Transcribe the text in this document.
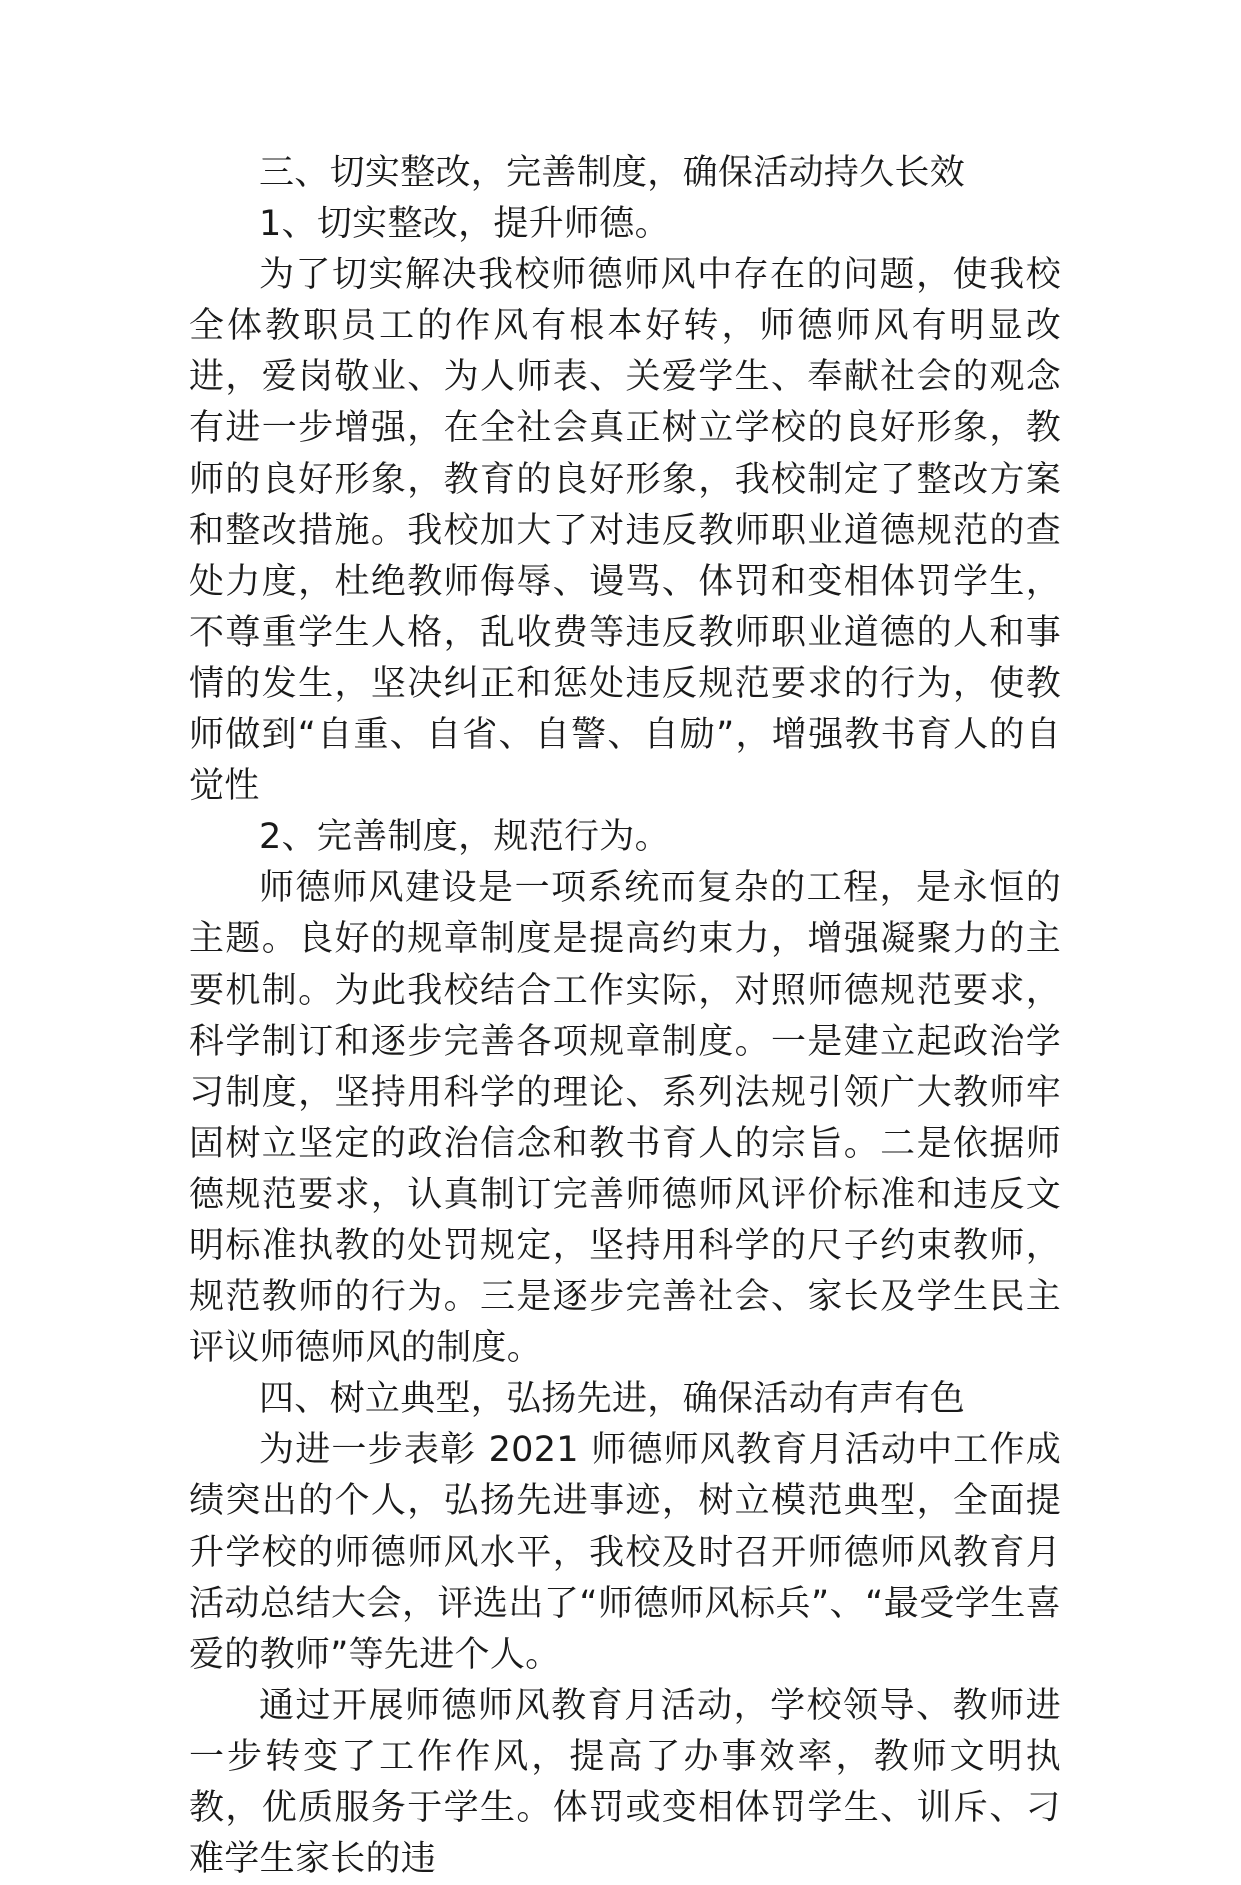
三、切实整改，完善制度，确保活动持久长效

1、切实整改，提升师德。

为了切实解决我校师德师风中存在的问题，使我校全体教职员工的作风有根本好转，师德师风有明显改进，爱岗敬业、为人师表、关爱学生、奉献社会的观念有进一步增强，在全社会真正树立学校的良好形象，教师的良好形象，教育的良好形象，我校制定了整改方案和整改措施。我校加大了对违反教师职业道德规范的查处力度，杜绝教师侮辱、谩骂、体罚和变相体罚学生，不尊重学生人格，乱收费等违反教师职业道德的人和事情的发生，坚决纠正和惩处违反规范要求的行为，使教师做到“自重、自省、自警、自励”，增强教书育人的自觉性

2、完善制度，规范行为。

师德师风建设是一项系统而复杂的工程，是永恒的主题。良好的规章制度是提高约束力，增强凝聚力的主要机制。为此我校结合工作实际，对照师德规范要求，科学制订和逐步完善各项规章制度。一是建立起政治学习制度，坚持用科学的理论、系列法规引领广大教师牢固树立坚定的政治信念和教书育人的宗旨。二是依据师德规范要求，认真制订完善师德师风评价标准和违反文明标准执教的处罚规定，坚持用科学的尺子约束教师，规范教师的行为。三是逐步完善社会、家长及学生民主评议师德师风的制度。

四、树立典型，弘扬先进，确保活动有声有色

为进一步表彰 2021 师德师风教育月活动中工作成绩突出的个人，弘扬先进事迹，树立模范典型，全面提升学校的师德师风水平，我校及时召开师德师风教育月活动总结大会，评选出了“师德师风标兵”、“最受学生喜爱的教师”等先进个人。

通过开展师德师风教育月活动，学校领导、教师进一步转变了工作作风，提高了办事效率，教师文明执教，优质服务于学生。体罚或变相体罚学生、训斥、刁难学生家长的违
